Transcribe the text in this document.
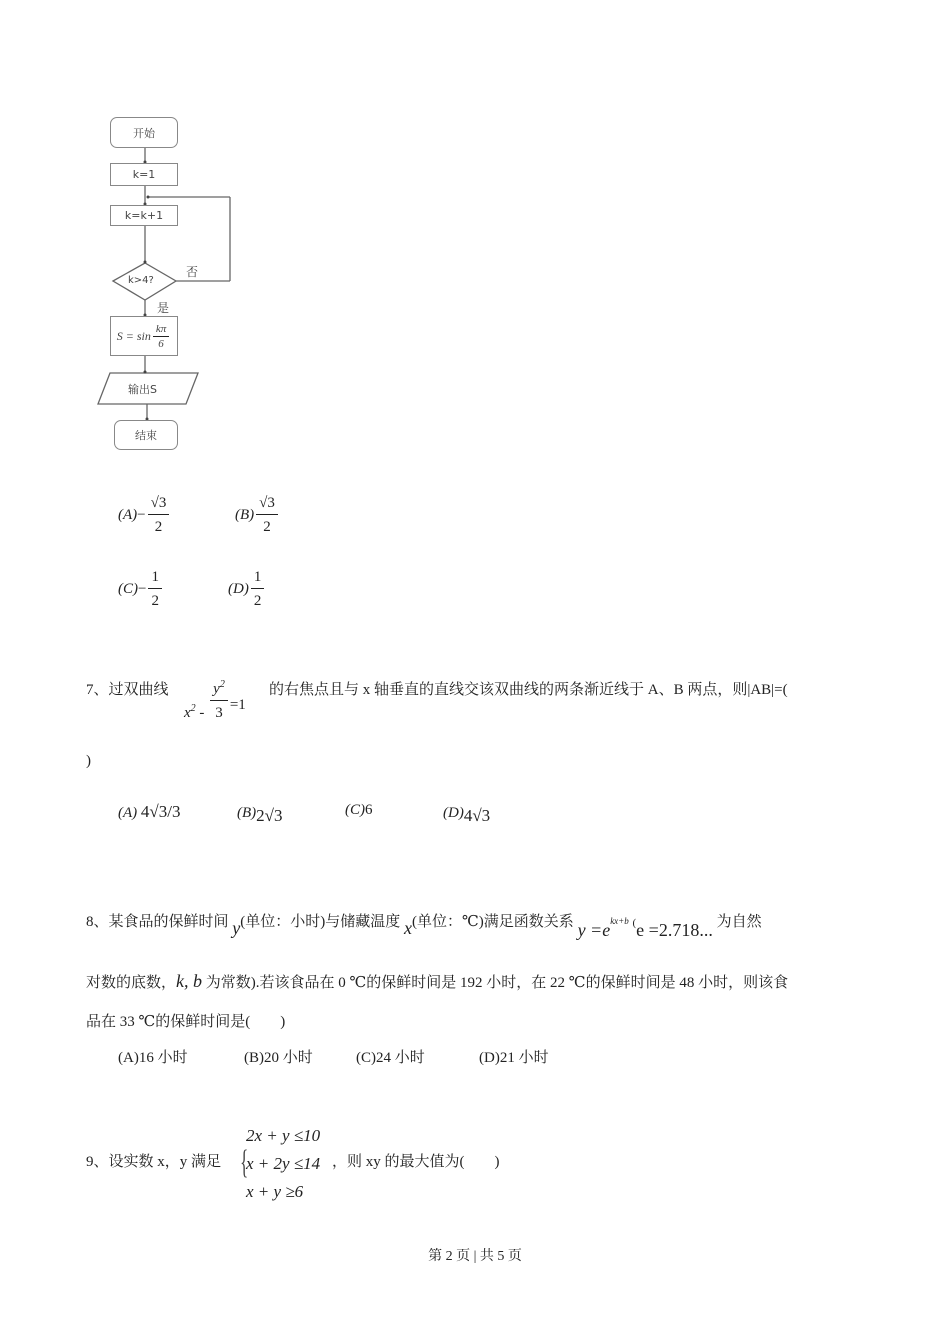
开始
k=1
k=k+1
k>4?
否
是
$S = \sin \frac{k\pi}{6}$
输出S
结束
$(A)- \frac{√3}{2}$	$(B) \frac{√3}{2}$
$(C)- \frac{1}{2}$	$(D) \frac{1}{2}$
7、过双曲线
$x^2 - \frac{y^2}{3} =1$
的右焦点且与 x 轴垂直的直线交该双曲线的两条渐近线于 A、B 两点，则|AB|=(
)
(A) 4√3/3	(B)2√3	(C)6	(D)4√3
8、某食品的保鲜时间 y(单位：小时)与储藏温度 x(单位：℃)满足函数关系 y =ekx+b (e =2.718... 为自然
对数的底数，k, b 为常数).若该食品在 0 ℃的保鲜时间是 192 小时，在 22 ℃的保鲜时间是 48 小时，则该食
品在 33 ℃的保鲜时间是(　　)
(A)16 小时	(B)20 小时	(C)24 小时	(D)21 小时
9、设实数 x，y 满足 {
2x + y ≤10
x + 2y ≤14
x + y ≥6
，则 xy 的最大值为(　　)
第 2 页 | 共 5 页
